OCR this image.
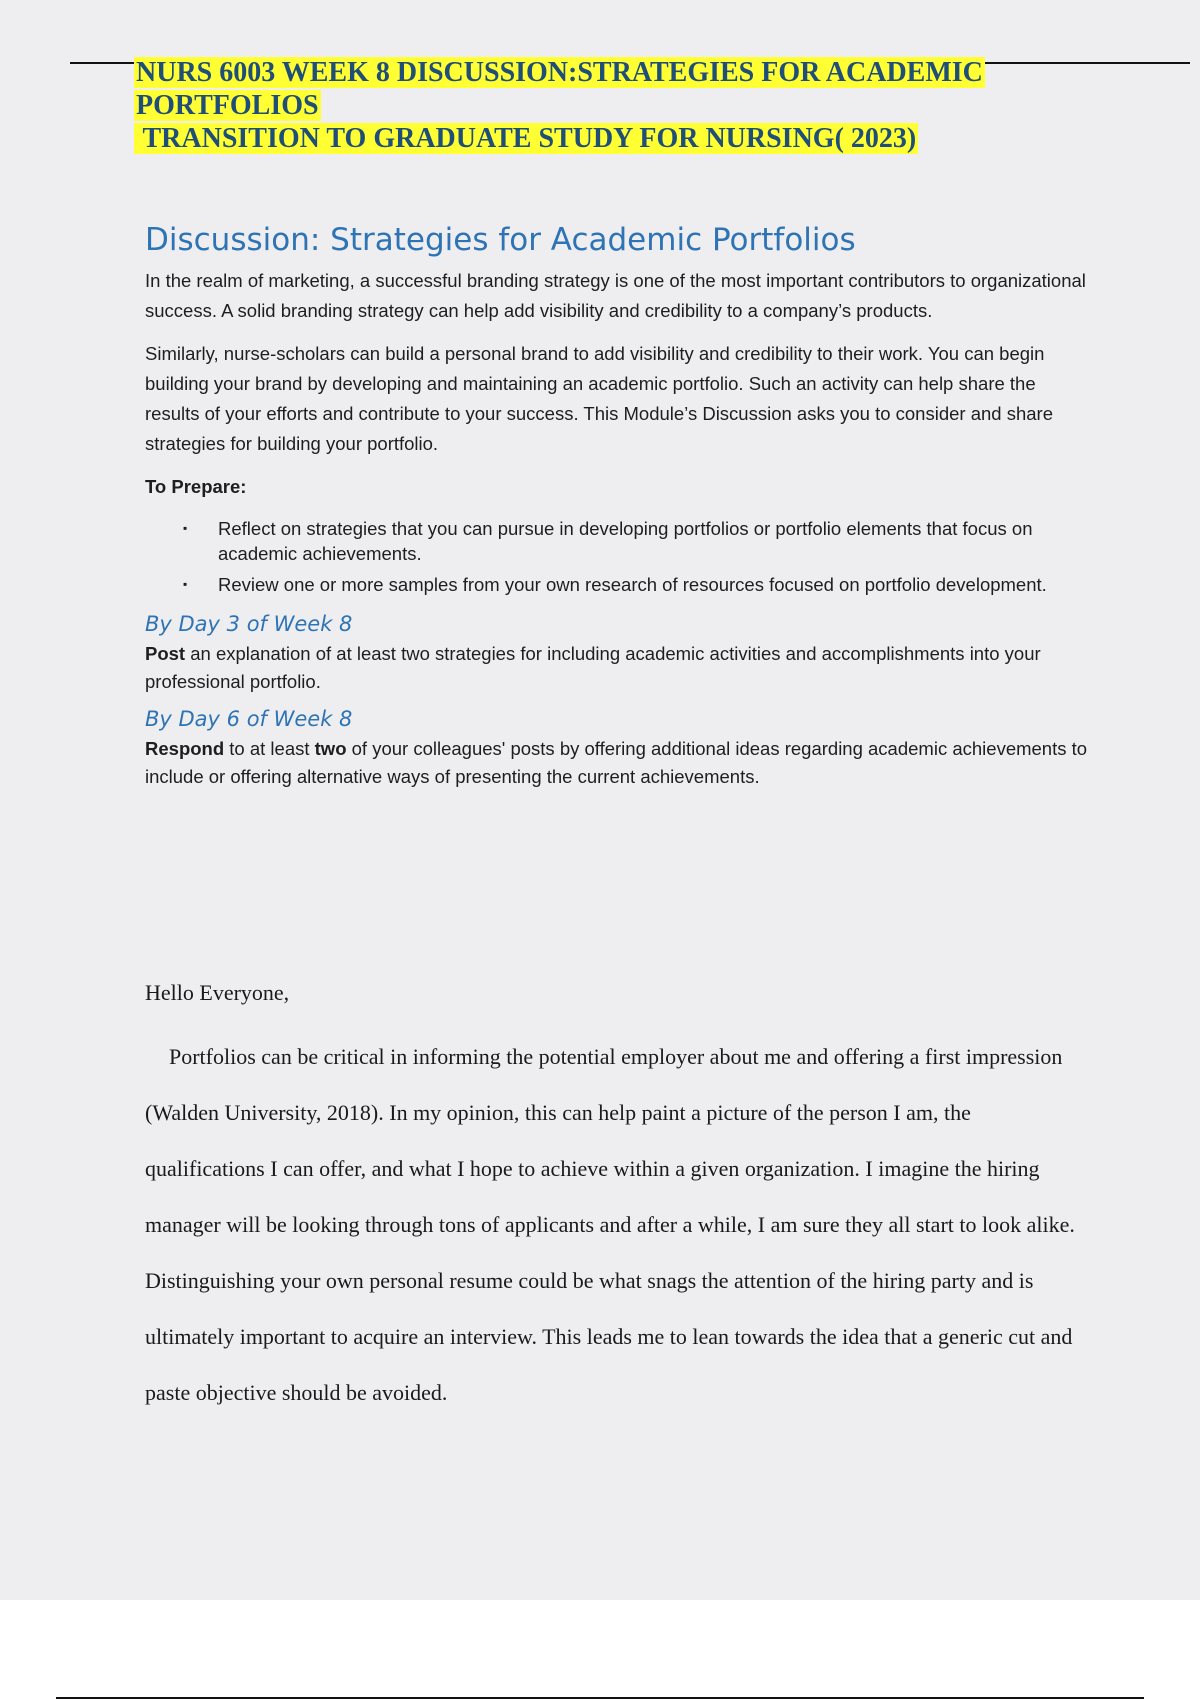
NURS 6003 WEEK 8 DISCUSSION:STRATEGIES FOR ACADEMIC
PORTFOLIOS
TRANSITION TO GRADUATE STUDY FOR NURSING( 2023)
Discussion: Strategies for Academic Portfolios

In the realm of marketing, a successful branding strategy is one of the most important contributors to organizational success. A solid branding strategy can help add visibility and credibility to a company’s products.

Similarly, nurse-scholars can build a personal brand to add visibility and credibility to their work. You can begin building your brand by developing and maintaining an academic portfolio. Such an activity can help share the results of your efforts and contribute to your success. This Module’s Discussion asks you to consider and share strategies for building your portfolio.

To Prepare:
▪ Reflect on strategies that you can pursue in developing portfolios or portfolio elements that focus on academic achievements.
▪ Review one or more samples from your own research of resources focused on portfolio development.
By Day 3 of Week 8

Post an explanation of at least two strategies for including academic activities and accomplishments into your professional portfolio.

By Day 6 of Week 8

Respond to at least two of your colleagues' posts by offering additional ideas regarding academic achievements to include or offering alternative ways of presenting the current achievements.

Hello Everyone,

Portfolios can be critical in informing the potential employer about me and offering a first impression (Walden University, 2018). In my opinion, this can help paint a picture of the person I am, the qualifications I can offer, and what I hope to achieve within a given organization. I imagine the hiring manager will be looking through tons of applicants and after a while, I am sure they all start to look alike. Distinguishing your own personal resume could be what snags the attention of the hiring party and is ultimately important to acquire an interview. This leads me to lean towards the idea that a generic cut and paste objective should be avoided.
